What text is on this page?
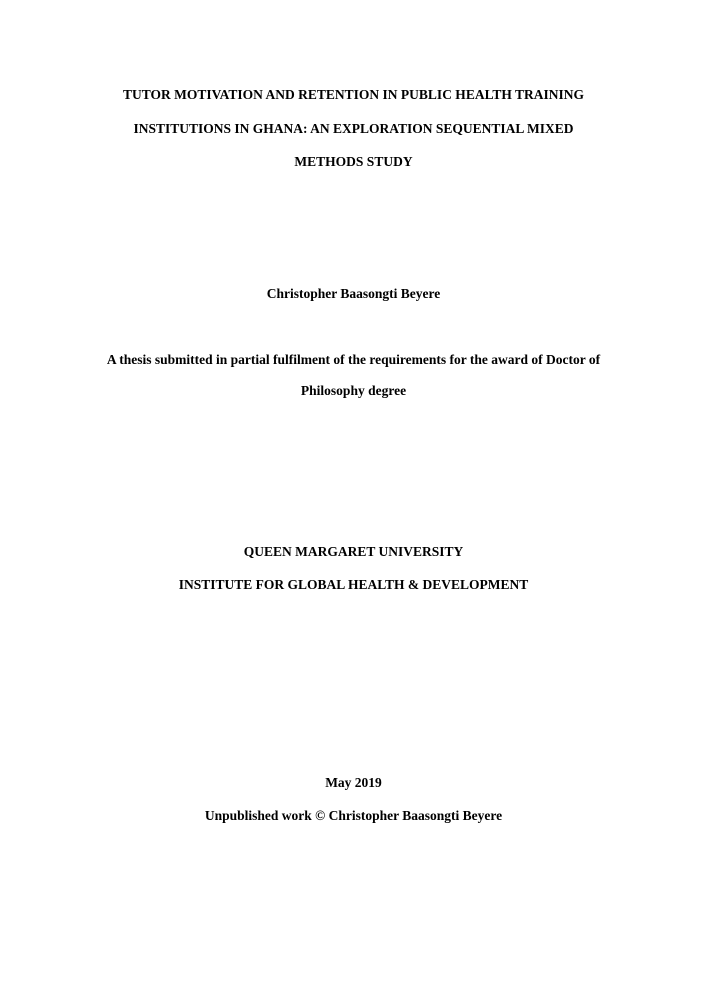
TUTOR MOTIVATION AND RETENTION IN PUBLIC HEALTH TRAINING
INSTITUTIONS IN GHANA: AN EXPLORATION SEQUENTIAL MIXED
METHODS STUDY
Christopher Baasongti Beyere
A thesis submitted in partial fulfilment of the requirements for the award of Doctor of
Philosophy degree
QUEEN MARGARET UNIVERSITY
INSTITUTE FOR GLOBAL HEALTH & DEVELOPMENT
May 2019
Unpublished work © Christopher Baasongti Beyere
